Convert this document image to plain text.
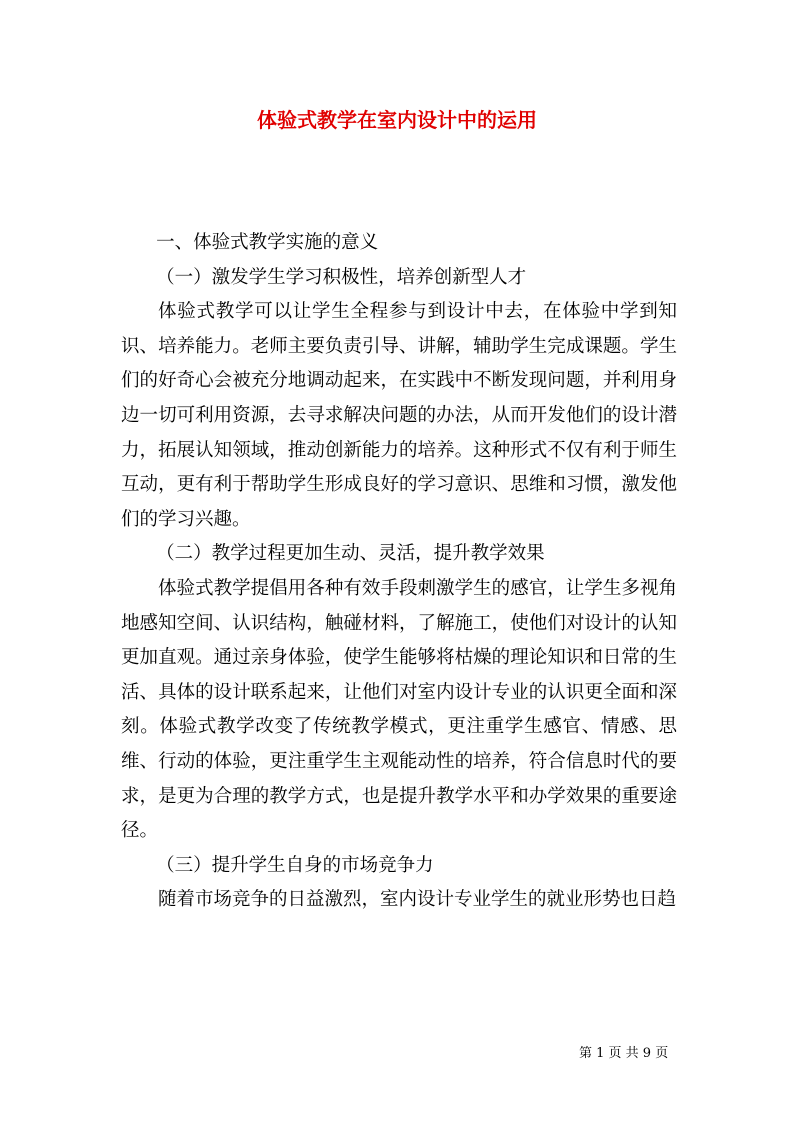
体验式教学在室内设计中的运用

一、体验式教学实施的意义

（一）激发学生学习积极性，培养创新型人才

体验式教学可以让学生全程参与到设计中去，在体验中学到知识、培养能力。老师主要负责引导、讲解，辅助学生完成课题。学生们的好奇心会被充分地调动起来，在实践中不断发现问题，并利用身边一切可利用资源，去寻求解决问题的办法，从而开发他们的设计潜力，拓展认知领域，推动创新能力的培养。这种形式不仅有利于师生互动，更有利于帮助学生形成良好的学习意识、思维和习惯，激发他们的学习兴趣。

（二）教学过程更加生动、灵活，提升教学效果

体验式教学提倡用各种有效手段刺激学生的感官，让学生多视角地感知空间、认识结构，触碰材料，了解施工，使他们对设计的认知更加直观。通过亲身体验，使学生能够将枯燥的理论知识和日常的生活、具体的设计联系起来，让他们对室内设计专业的认识更全面和深刻。体验式教学改变了传统教学模式，更注重学生感官、情感、思维、行动的体验，更注重学生主观能动性的培养，符合信息时代的要求，是更为合理的教学方式，也是提升教学水平和办学效果的重要途径。

（三）提升学生自身的市场竞争力

随着市场竞争的日益激烈，室内设计专业学生的就业形势也日趋

第 1 页 共 9 页
